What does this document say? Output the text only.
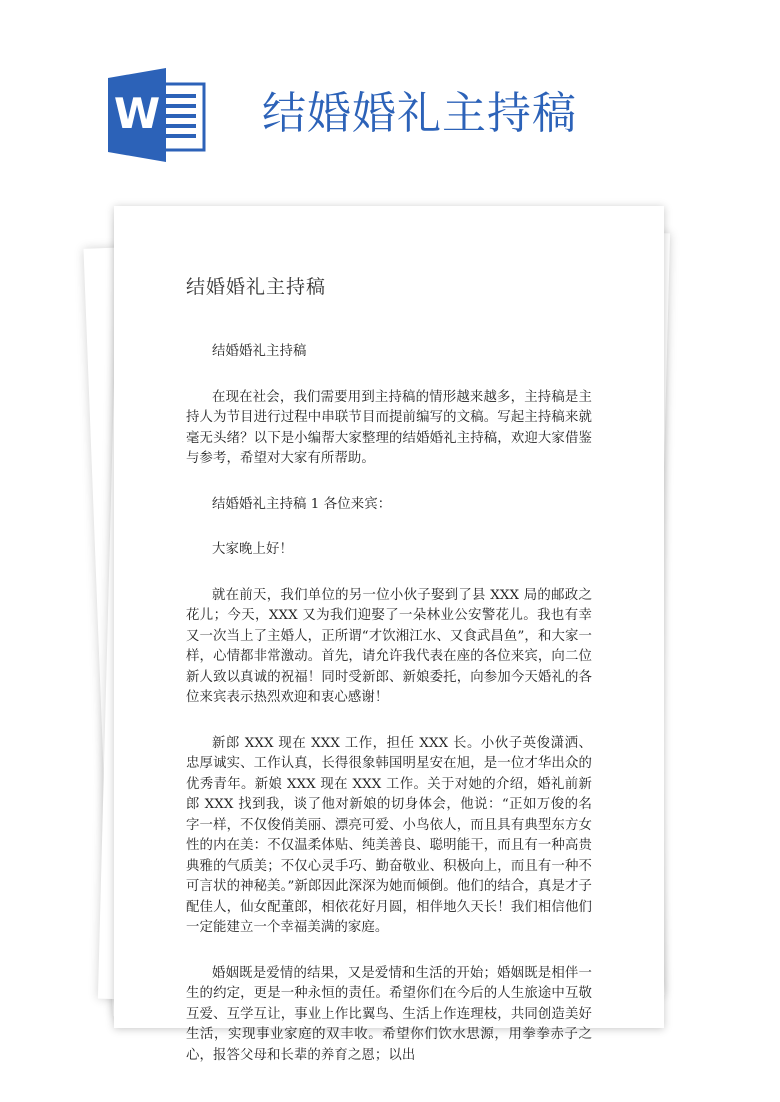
W 结婚婚礼主持稿
结婚婚礼主持稿

结婚婚礼主持稿

在现在社会，我们需要用到主持稿的情形越来越多，主持稿是主持人为节目进行过程中串联节目而提前编写的文稿。写起主持稿来就毫无头绪？以下是小编帮大家整理的结婚婚礼主持稿，欢迎大家借鉴与参考，希望对大家有所帮助。

结婚婚礼主持稿 1 各位来宾：

大家晚上好！

就在前天，我们单位的另一位小伙子娶到了县 XXX 局的邮政之花儿；今天，XXX 又为我们迎娶了一朵林业公安警花儿。我也有幸又一次当上了主婚人，正所谓“才饮湘江水、又食武昌鱼”，和大家一样，心情都非常激动。首先，请允许我代表在座的各位来宾，向二位新人致以真诚的祝福！同时受新郎、新娘委托，向参加今天婚礼的各位来宾表示热烈欢迎和衷心感谢！

新郎 XXX 现在 XXX 工作，担任 XXX 长。小伙子英俊潇洒、忠厚诚实、工作认真，长得很象韩国明星安在旭，是一位才华出众的优秀青年。新娘 XXX 现在 XXX 工作。关于对她的介绍，婚礼前新郎 XXX 找到我，谈了他对新娘的切身体会，他说：“正如万俊的名字一样，不仅俊俏美丽、漂亮可爱、小鸟依人，而且具有典型东方女性的内在美：不仅温柔体贴、纯美善良、聪明能干，而且有一种高贵典雅的气质美；不仅心灵手巧、勤奋敬业、积极向上，而且有一种不可言状的神秘美。”新郎因此深深为她而倾倒。他们的结合，真是才子配佳人，仙女配董郎，相依花好月圆，相伴地久天长！我们相信他们一定能建立一个幸福美满的家庭。

婚姻既是爱情的结果，又是爱情和生活的开始；婚姻既是相伴一生的约定，更是一种永恒的责任。希望你们在今后的人生旅途中互敬互爱、互学互让，事业上作比翼鸟、生活上作连理枝，共同创造美好生活，实现事业家庭的双丰收。希望你们饮水思源，用拳拳赤子之心，报答父母和长辈的养育之恩；以出
